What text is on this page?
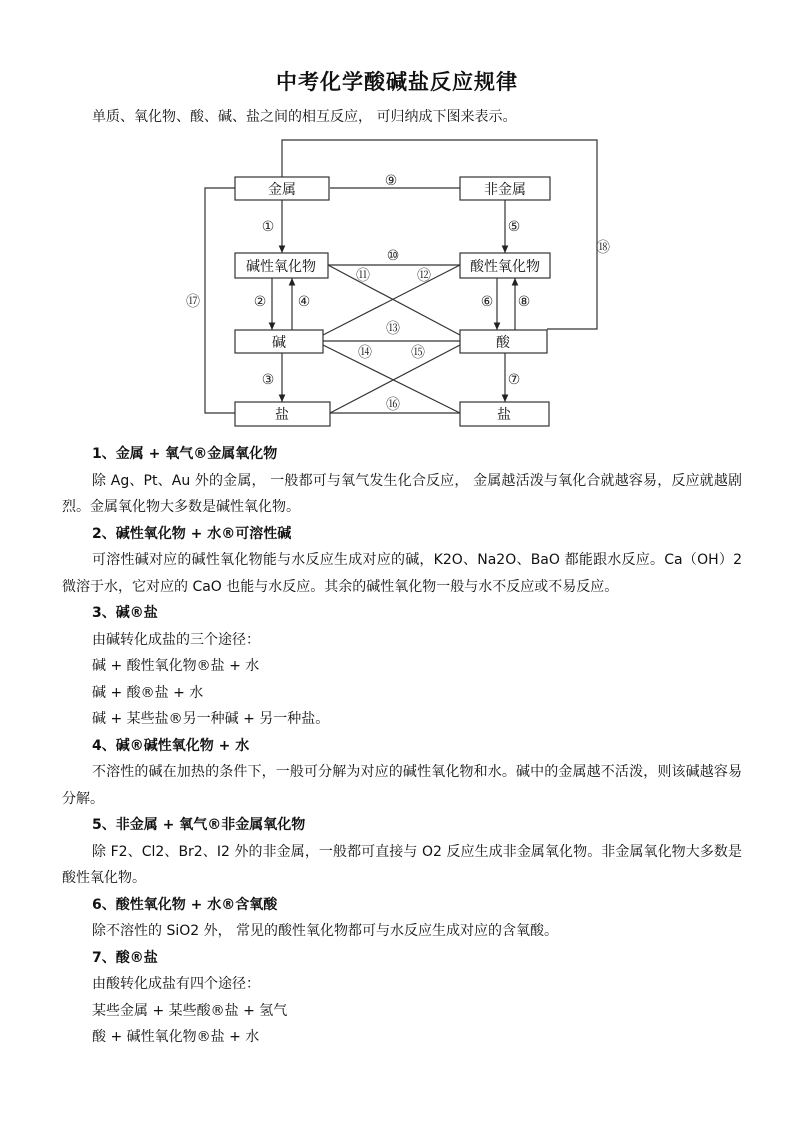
中考化学酸碱盐反应规律
单质、氧化物、酸、碱、盐之间的相互反应， 可归纳成下图来表示。
金属	非金属
碱性氧化物	酸性氧化物
碱	酸
盐	盐
①
② ④
③
⑤
⑥ ⑧
⑦
⑨
⑩
⑪	⑫
⑬
⑭	⑮
⑯
⑰
⑱
1、金属 + 氧气®金属氧化物
除 Ag、Pt、Au 外的金属， 一般都可与氧气发生化合反应， 金属越活泼与氧化合就越容易，反应就越剧烈。金属氧化物大多数是碱性氧化物。
2、碱性氧化物 + 水®可溶性碱
可溶性碱对应的碱性氧化物能与水反应生成对应的碱，K2O、Na2O、BaO 都能跟水反应。Ca（OH）2 微溶于水，它对应的 CaO 也能与水反应。其余的碱性氧化物一般与水不反应或不易反应。
3、碱®盐
由碱转化成盐的三个途径：
碱 + 酸性氧化物®盐 + 水
碱 + 酸®盐 + 水
碱 + 某些盐®另一种碱 + 另一种盐。
4、碱®碱性氧化物 + 水
不溶性的碱在加热的条件下，一般可分解为对应的碱性氧化物和水。碱中的金属越不活泼，则该碱越容易分解。
5、非金属 + 氧气®非金属氧化物
除 F2、Cl2、Br2、I2 外的非金属，一般都可直接与 O2 反应生成非金属氧化物。非金属氧化物大多数是酸性氧化物。
6、酸性氧化物 + 水®含氧酸
除不溶性的 SiO2 外， 常见的酸性氧化物都可与水反应生成对应的含氧酸。
7、酸®盐
由酸转化成盐有四个途径：
某些金属 + 某些酸®盐 + 氢气
酸 + 碱性氧化物®盐 + 水
